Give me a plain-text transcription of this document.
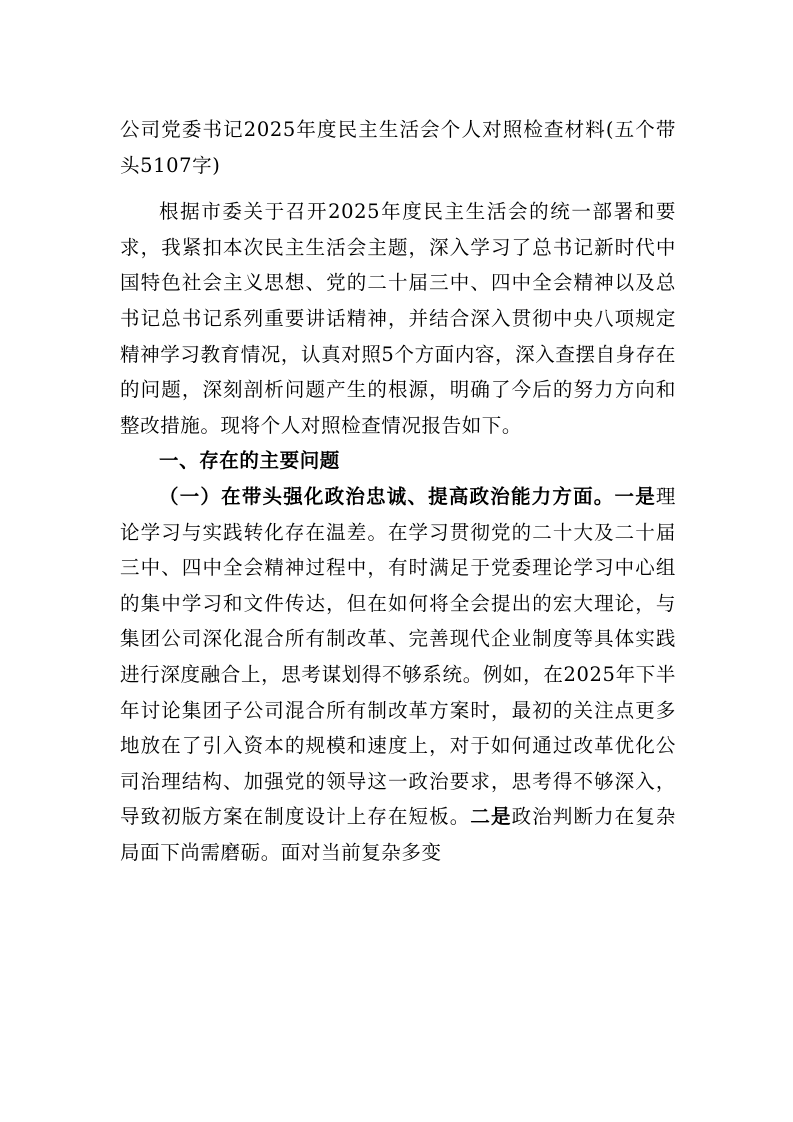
公司党委书记2025年度民主生活会个人对照检查材料(五个带头5107字)

根据市委关于召开2025年度民主生活会的统一部署和要求，我紧扣本次民主生活会主题，深入学习了总书记新时代中国特色社会主义思想、党的二十届三中、四中全会精神以及总书记总书记系列重要讲话精神，并结合深入贯彻中央八项规定精神学习教育情况，认真对照5个方面内容，深入查摆自身存在的问题，深刻剖析问题产生的根源，明确了今后的努力方向和整改措施。现将个人对照检查情况报告如下。

一、存在的主要问题

（一）在带头强化政治忠诚、提高政治能力方面。一是理论学习与实践转化存在温差。在学习贯彻党的二十大及二十届三中、四中全会精神过程中，有时满足于党委理论学习中心组的集中学习和文件传达，但在如何将全会提出的宏大理论，与集团公司深化混合所有制改革、完善现代企业制度等具体实践进行深度融合上，思考谋划得不够系统。例如，在2025年下半年讨论集团子公司混合所有制改革方案时，最初的关注点更多地放在了引入资本的规模和速度上，对于如何通过改革优化公司治理结构、加强党的领导这一政治要求，思考得不够深入，导致初版方案在制度设计上存在短板。二是政治判断力在复杂局面下尚需磨砺。面对当前复杂多变
